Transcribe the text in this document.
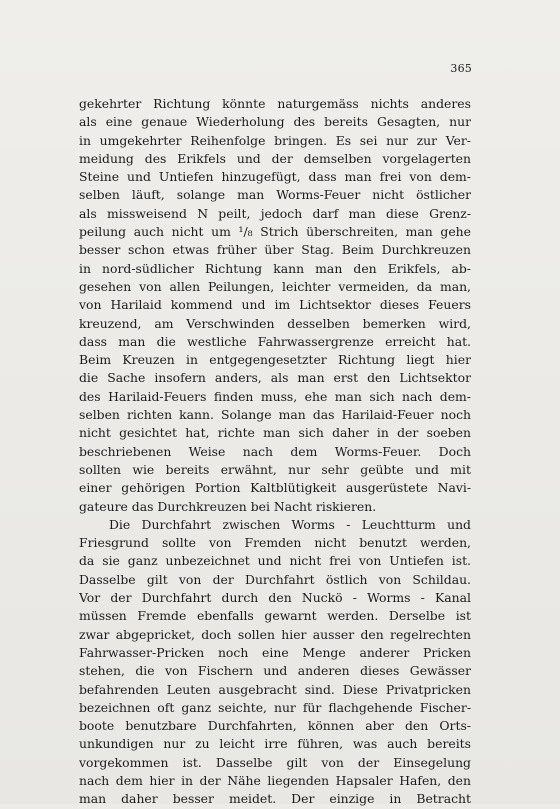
365
gekehrter Richtung könnte naturgemäss nichts anderes
als eine genaue Wiederholung des bereits Gesagten, nur
in umgekehrter Reihenfolge bringen. Es sei nur zur Ver-
meidung des Erikfels und der demselben vorgelagerten
Steine und Untiefen hinzugefügt, dass man frei von dem-
selben läuft, solange man Worms-Feuer nicht östlicher
als missweisend N peilt, jedoch darf man diese Grenz-
peilung auch nicht um ¹/₈ Strich überschreiten, man gehe
besser schon etwas früher über Stag. Beim Durchkreuzen
in nord-südlicher Richtung kann man den Erikfels, ab-
gesehen von allen Peilungen, leichter vermeiden, da man,
von Harilaid kommend und im Lichtsektor dieses Feuers
kreuzend, am Verschwinden desselben bemerken wird,
dass man die westliche Fahrwassergrenze erreicht hat.
Beim Kreuzen in entgegengesetzter Richtung liegt hier
die Sache insofern anders, als man erst den Lichtsektor
des Harilaid-Feuers finden muss, ehe man sich nach dem-
selben richten kann. Solange man das Harilaid-Feuer noch
nicht gesichtet hat, richte man sich daher in der soeben
beschriebenen Weise nach dem Worms-Feuer. Doch
sollten wie bereits erwähnt, nur sehr geübte und mit
einer gehörigen Portion Kaltblütigkeit ausgerüstete Navi-
gateure das Durchkreuzen bei Nacht riskieren.
Die Durchfahrt zwischen Worms - Leuchtturm und
Friesgrund sollte von Fremden nicht benutzt werden,
da sie ganz unbezeichnet und nicht frei von Untiefen ist.
Dasselbe gilt von der Durchfahrt östlich von Schildau.
Vor der Durchfahrt durch den Nuckö - Worms - Kanal
müssen Fremde ebenfalls gewarnt werden. Derselbe ist
zwar abgepricket, doch sollen hier ausser den regelrechten
Fahrwasser-Pricken noch eine Menge anderer Pricken
stehen, die von Fischern und anderen dieses Gewässer
befahrenden Leuten ausgebracht sind. Diese Privatpricken
bezeichnen oft ganz seichte, nur für flachgehende Fischer-
boote benutzbare Durchfahrten, können aber den Orts-
unkundigen nur zu leicht irre führen, was auch bereits
vorgekommen ist. Dasselbe gilt von der Einsegelung
nach dem hier in der Nähe liegenden Hapsaler Hafen, den
man daher besser meidet. Der einzige in Betracht
